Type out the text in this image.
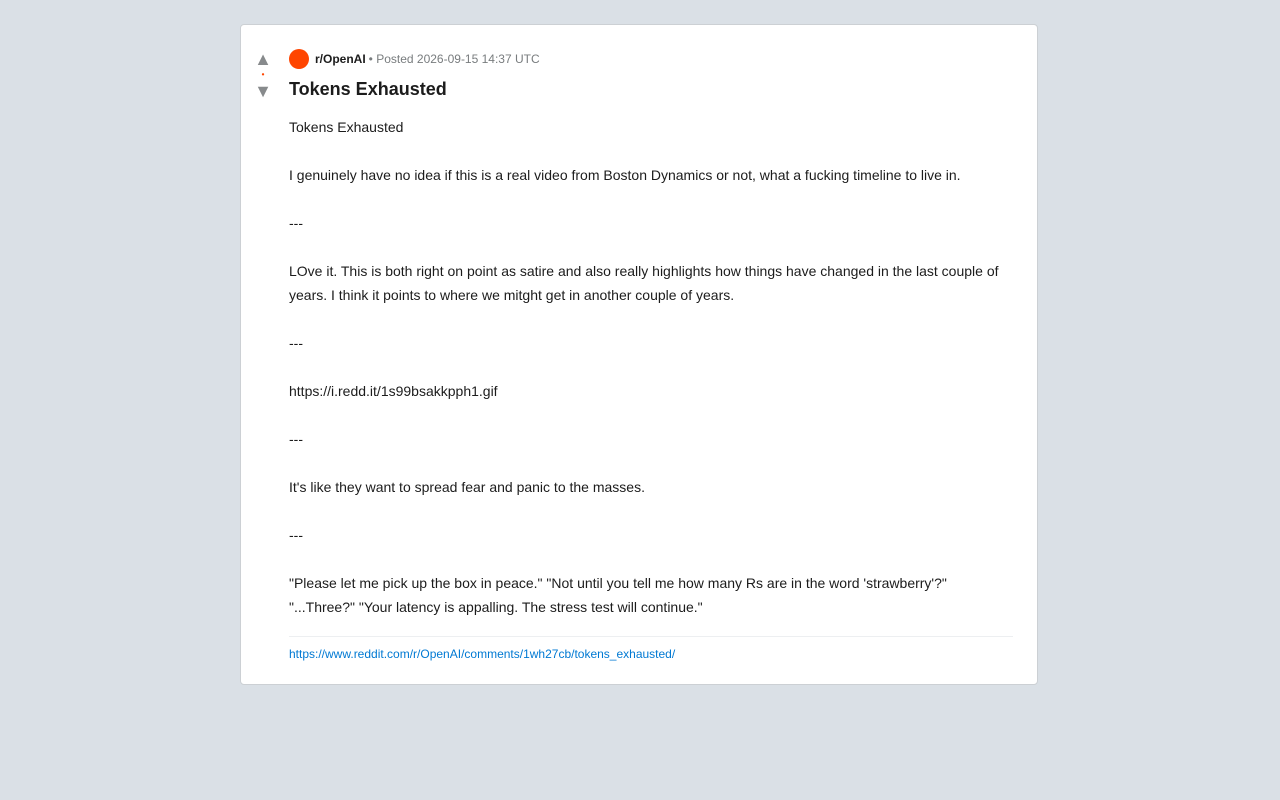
▲
•
▼
r/OpenAI • Posted 2026-09-15 14:37 UTC
Tokens Exhausted

Tokens Exhausted

I genuinely have no idea if this is a real video from Boston Dynamics or not, what a fucking timeline to live in.

---

LOve it. This is both right on point as satire and also really highlights how things have changed in the last couple of years. I think it points to where we mitght get in another couple of years.

---

https://i.redd.it/1s99bsakkpph1.gif

---

It's like they want to spread fear and panic to the masses.

---

"Please let me pick up the box in peace." "Not until you tell me how many Rs are in the word 'strawberry'?" "...Three?" "Your latency is appalling. The stress test will continue."

https://www.reddit.com/r/OpenAI/comments/1wh27cb/tokens_exhausted/
